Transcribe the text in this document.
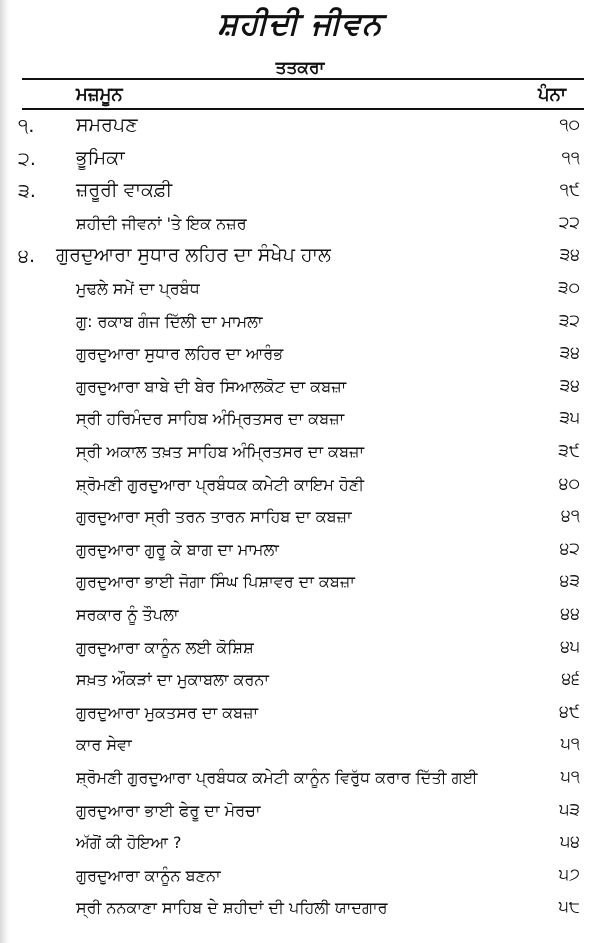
ਸ਼ਹੀਦੀ ਜੀਵਨ
ਤਤਕਰਾ
ਮਜ਼ਮੂਨ	ਪੰਨਾ
੧. ਸਮਰਪਣ	੧੦
੨. ਭੂਮਿਕਾ	੧੧
੩. ਜ਼ਰੂਰੀ ਵਾਕਫ਼ੀ	੧੯
ਸ਼ਹੀਦੀ ਜੀਵਨਾਂ 'ਤੇ ਇਕ ਨਜ਼ਰ	੨੨
੪. ਗੁਰਦੁਆਰਾ ਸੁਧਾਰ ਲਹਿਰ ਦਾ ਸੰਖੇਪ ਹਾਲ	੩੪
ਮੁਢਲੇ ਸਮੇਂ ਦਾ ਪ੍ਰਬੰਧ	੩੦
ਗੁ: ਰਕਾਬ ਗੰਜ ਦਿੱਲੀ ਦਾ ਮਾਮਲਾ	੩੨
ਗੁਰਦੁਆਰਾ ਸੁਧਾਰ ਲਹਿਰ ਦਾ ਆਰੰਭ	੩੪
ਗੁਰਦੁਆਰਾ ਬਾਬੇ ਦੀ ਬੇਰ ਸਿਆਲਕੋਟ ਦਾ ਕਬਜ਼ਾ	੩੪
ਸ੍ਰੀ ਹਰਿਮੰਦਰ ਸਾਹਿਬ ਅੰਮ੍ਰਿਤਸਰ ਦਾ ਕਬਜ਼ਾ	੩੫
ਸ੍ਰੀ ਅਕਾਲ ਤਖ਼ਤ ਸਾਹਿਬ ਅੰਮ੍ਰਿਤਸਰ ਦਾ ਕਬਜ਼ਾ	੩੯
ਸ਼੍ਰੋਮਣੀ ਗੁਰਦੁਆਰਾ ਪ੍ਰਬੰਧਕ ਕਮੇਟੀ ਕਾਇਮ ਹੋਣੀ	੪੦
ਗੁਰਦੁਆਰਾ ਸ੍ਰੀ ਤਰਨ ਤਾਰਨ ਸਾਹਿਬ ਦਾ ਕਬਜ਼ਾ	੪੧
ਗੁਰਦੁਆਰਾ ਗੁਰੂ ਕੇ ਬਾਗ ਦਾ ਮਾਮਲਾ	੪੨
ਗੁਰਦੁਆਰਾ ਭਾਈ ਜੋਗਾ ਸਿੰਘ ਪਿਸ਼ਾਵਰ ਦਾ ਕਬਜ਼ਾ	੪੩
ਸਰਕਾਰ ਨੂੰ ਤੌਪਲਾ	੪੪
ਗੁਰਦੁਆਰਾ ਕਾਨੂੰਨ ਲਈ ਕੋਸ਼ਿਸ਼	੪੫
ਸਖ਼ਤ ਔਕੜਾਂ ਦਾ ਮੁਕਾਬਲਾ ਕਰਨਾ	੪੬
ਗੁਰਦੁਆਰਾ ਮੁਕਤਸਰ ਦਾ ਕਬਜ਼ਾ	੪੯
ਕਾਰ ਸੇਵਾ	੫੧
ਸ਼੍ਰੋਮਣੀ ਗੁਰਦੁਆਰਾ ਪ੍ਰਬੰਧਕ ਕਮੇਟੀ ਕਾਨੂੰਨ ਵਿਰੁੱਧ ਕਰਾਰ ਦਿੱਤੀ ਗਈ	੫੧
ਗੁਰਦੁਆਰਾ ਭਾਈ ਫੇਰੂ ਦਾ ਮੋਰਚਾ	੫੩
ਅੱਗੋਂ ਕੀ ਹੋਇਆ ?	੫੪
ਗੁਰਦੁਆਰਾ ਕਾਨੂੰਨ ਬਣਨਾ	੫੭
ਸ੍ਰੀ ਨਨਕਾਣਾ ਸਾਹਿਬ ਦੇ ਸ਼ਹੀਦਾਂ ਦੀ ਪਹਿਲੀ ਯਾਦਗਾਰ	੫੮
